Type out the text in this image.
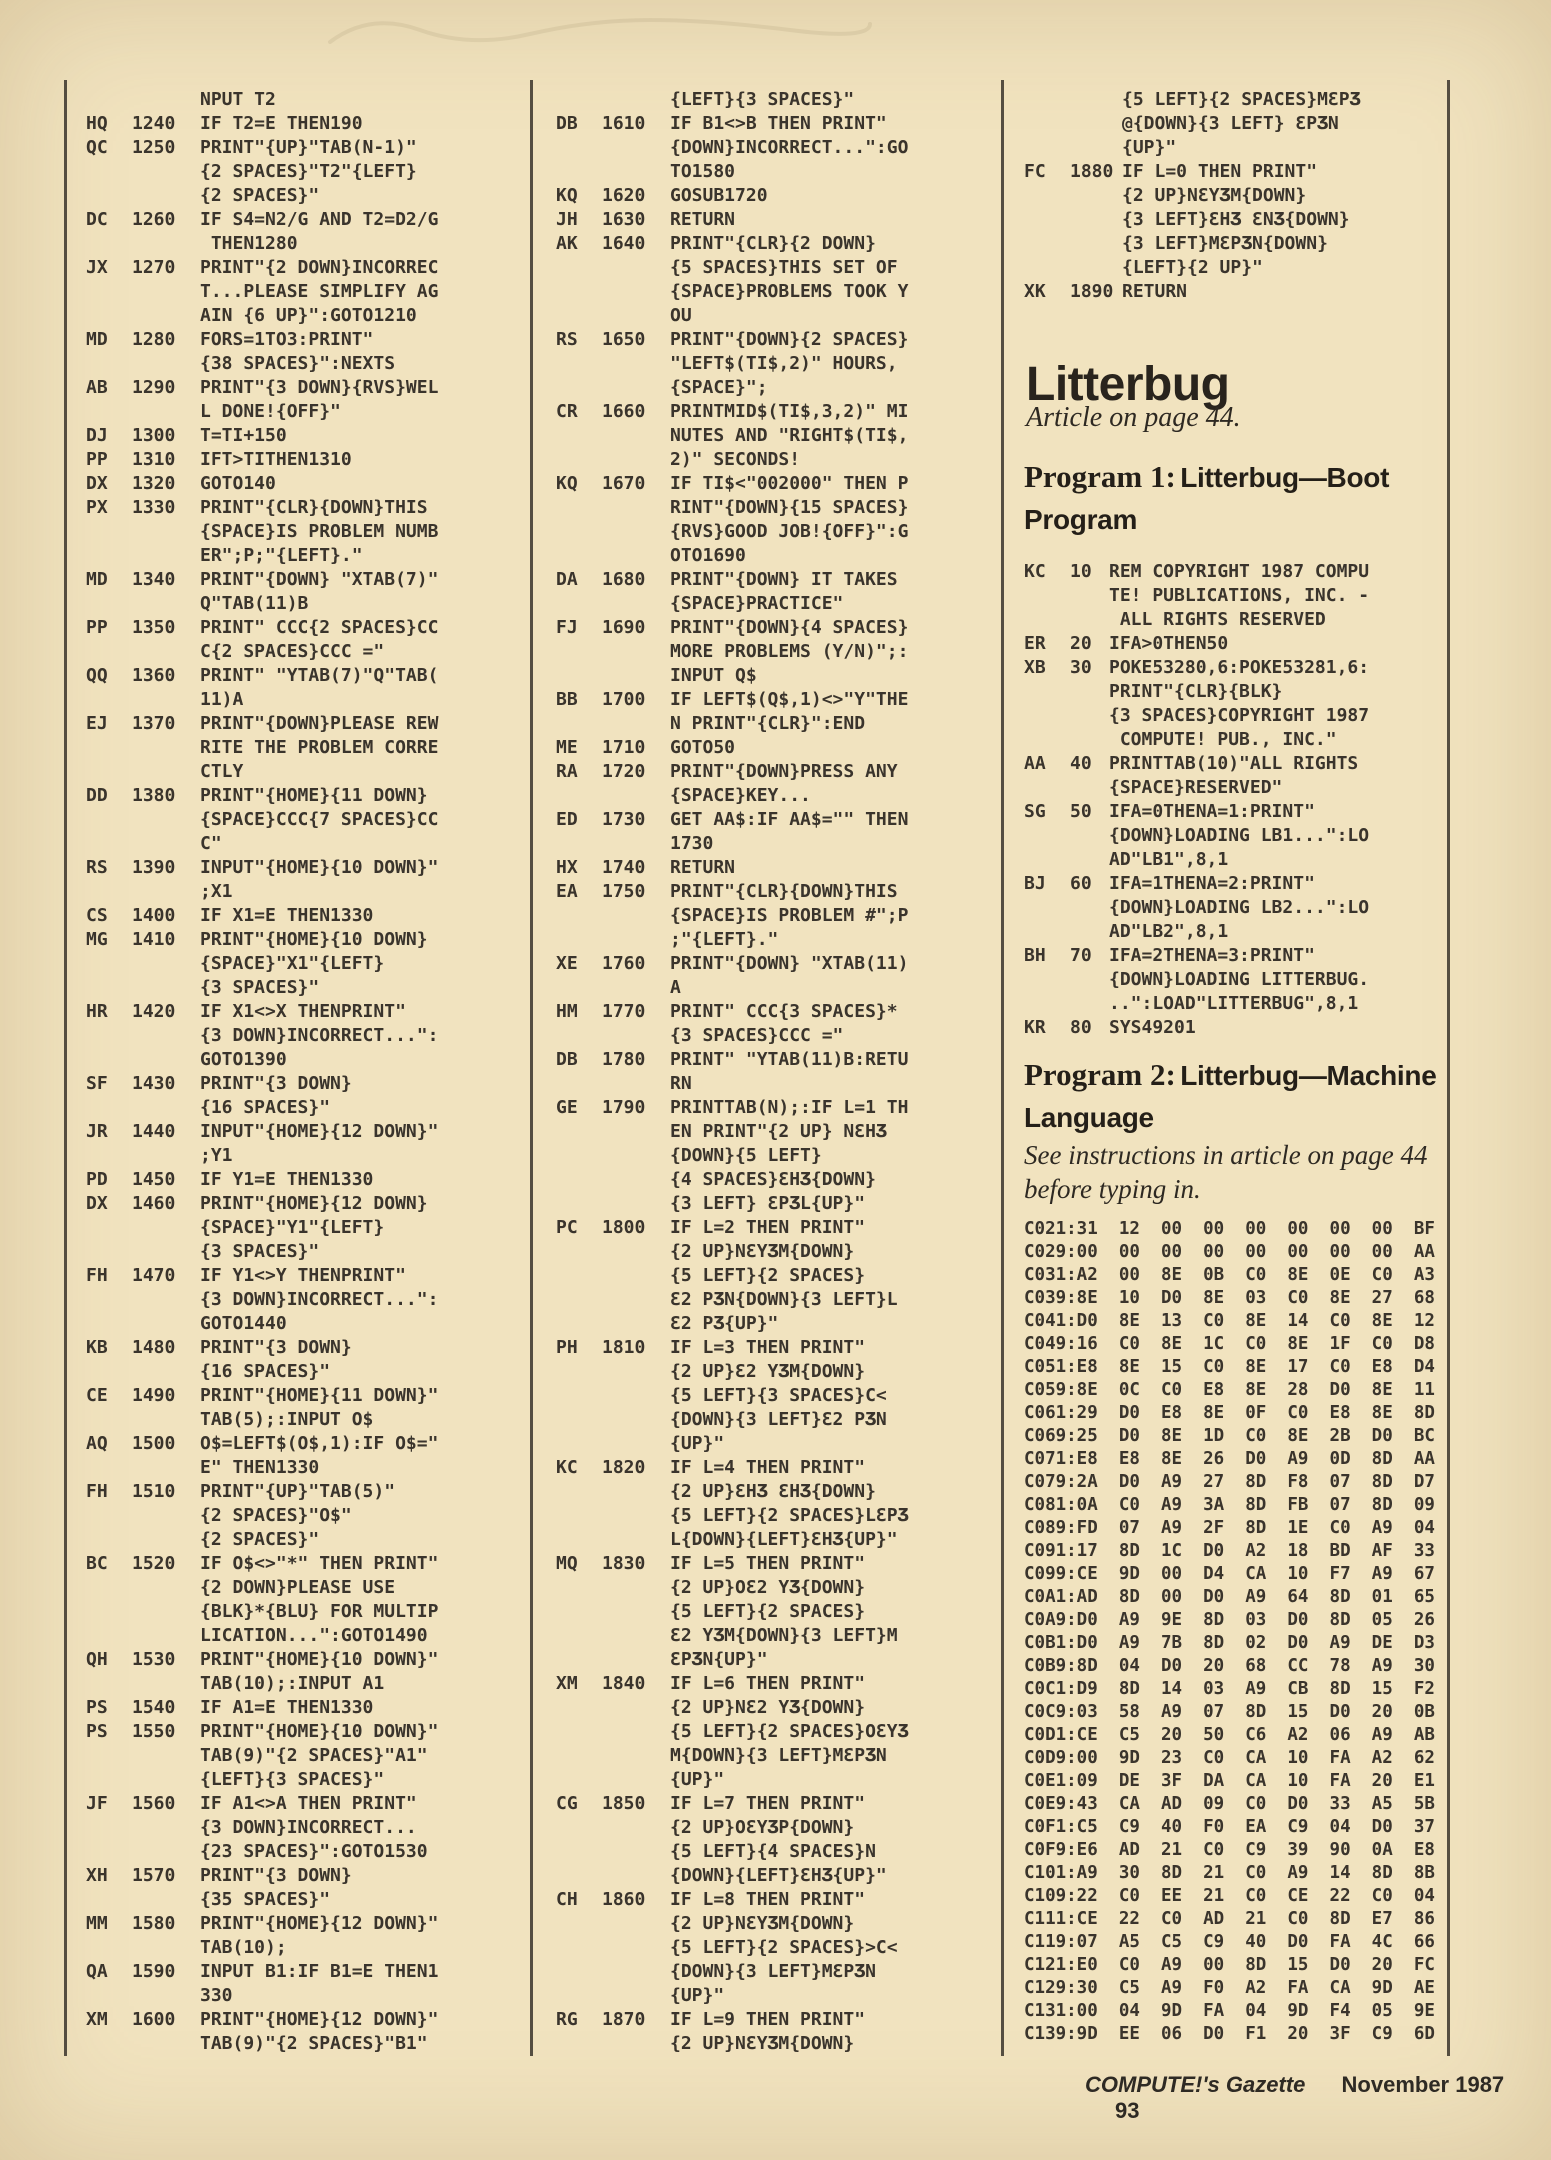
NPUT T2
HQ 1240 IF T2=E THEN190
QC 1250 PRINT"{UP}"TAB(N-1)"
{2 SPACES}"T2"{LEFT}
{2 SPACES}"
DC 1260 IF S4=N2/G AND T2=D2/G
THEN1280
JX 1270 PRINT"{2 DOWN}INCORREC
T...PLEASE SIMPLIFY AG
AIN {6 UP}":GOTO1210
MD 1280 FORS=1TO3:PRINT"
{38 SPACES}":NEXTS
AB 1290 PRINT"{3 DOWN}{RVS}WEL
L DONE!{OFF}"
DJ 1300 T=TI+150
PP 1310 IFT>TITHEN1310
DX 1320 GOTO140
PX 1330 PRINT"{CLR}{DOWN}THIS
{SPACE}IS PROBLEM NUMB
ER";P;"{LEFT}."
MD 1340 PRINT"{DOWN} "XTAB(7)"
Q"TAB(11)B
PP 1350 PRINT" CCC{2 SPACES}CC
C{2 SPACES}CCC ="
QQ 1360 PRINT" "YTAB(7)"Q"TAB(
11)A
EJ 1370 PRINT"{DOWN}PLEASE REW
RITE THE PROBLEM CORRE
CTLY
DD 1380 PRINT"{HOME}{11 DOWN}
{SPACE}CCC{7 SPACES}CC
C"
RS 1390 INPUT"{HOME}{10 DOWN}"
;X1
CS 1400 IF X1=E THEN1330
MG 1410 PRINT"{HOME}{10 DOWN}
{SPACE}"X1"{LEFT}
{3 SPACES}"
HR 1420 IF X1<>X THENPRINT"
{3 DOWN}INCORRECT...":
GOTO1390
SF 1430 PRINT"{3 DOWN}
{16 SPACES}"
JR 1440 INPUT"{HOME}{12 DOWN}"
;Y1
PD 1450 IF Y1=E THEN1330
DX 1460 PRINT"{HOME}{12 DOWN}
{SPACE}"Y1"{LEFT}
{3 SPACES}"
FH 1470 IF Y1<>Y THENPRINT"
{3 DOWN}INCORRECT...":
GOTO1440
KB 1480 PRINT"{3 DOWN}
{16 SPACES}"
CE 1490 PRINT"{HOME}{11 DOWN}"
TAB(5);:INPUT O$
AQ 1500 O$=LEFT$(O$,1):IF O$="
E" THEN1330
FH 1510 PRINT"{UP}"TAB(5)"
{2 SPACES}"O$"
{2 SPACES}"
BC 1520 IF O$<>"*" THEN PRINT"
{2 DOWN}PLEASE USE
{BLK}*{BLU} FOR MULTIP
LICATION...":GOTO1490
QH 1530 PRINT"{HOME}{10 DOWN}"
TAB(10);:INPUT A1
PS 1540 IF A1=E THEN1330
PS 1550 PRINT"{HOME}{10 DOWN}"
TAB(9)"{2 SPACES}"A1"
{LEFT}{3 SPACES}"
JF 1560 IF A1<>A THEN PRINT"
{3 DOWN}INCORRECT...
{23 SPACES}":GOTO1530
XH 1570 PRINT"{3 DOWN}
{35 SPACES}"
MM 1580 PRINT"{HOME}{12 DOWN}"
TAB(10);
QA 1590 INPUT B1:IF B1=E THEN1
330
XM 1600 PRINT"{HOME}{12 DOWN}"
TAB(9)"{2 SPACES}"B1"
{LEFT}{3 SPACES}"
DB 1610 IF B1<>B THEN PRINT"
{DOWN}INCORRECT...":GO
TO1580
KQ 1620 GOSUB1720
JH 1630 RETURN
AK 1640 PRINT"{CLR}{2 DOWN}
{5 SPACES}THIS SET OF
{SPACE}PROBLEMS TOOK Y
OU
RS 1650 PRINT"{DOWN}{2 SPACES}
"LEFT$(TI$,2)" HOURS,
{SPACE}";
CR 1660 PRINTMID$(TI$,3,2)" MI
NUTES AND "RIGHT$(TI$,
2)" SECONDS!
KQ 1670 IF TI$<"002000" THEN P
RINT"{DOWN}{15 SPACES}
{RVS}GOOD JOB!{OFF}":G
OTO1690
DA 1680 PRINT"{DOWN} IT TAKES
{SPACE}PRACTICE"
FJ 1690 PRINT"{DOWN}{4 SPACES}
MORE PROBLEMS (Y/N)";:
INPUT Q$
BB 1700 IF LEFT$(Q$,1)<>"Y"THE
N PRINT"{CLR}":END
ME 1710 GOTO50
RA 1720 PRINT"{DOWN}PRESS ANY
{SPACE}KEY...
ED 1730 GET AA$:IF AA$="" THEN
1730
HX 1740 RETURN
EA 1750 PRINT"{CLR}{DOWN}THIS
{SPACE}IS PROBLEM #";P
;"{LEFT}."
XE 1760 PRINT"{DOWN} "XTAB(11)
A
HM 1770 PRINT" CCC{3 SPACES}*
{3 SPACES}CCC ="
DB 1780 PRINT" "YTAB(11)B:RETU
RN
GE 1790 PRINTTAB(N);:IF L=1 TH
EN PRINT"{2 UP} NƐHƷ
{DOWN}{5 LEFT}
{4 SPACES}ƐHƷ{DOWN}
{3 LEFT} ƐPƷL{UP}"
PC 1800 IF L=2 THEN PRINT"
{2 UP}NƐYƷM{DOWN}
{5 LEFT}{2 SPACES}
Ɛ2 PƷN{DOWN}{3 LEFT}L
Ɛ2 PƷ{UP}"
PH 1810 IF L=3 THEN PRINT"
{2 UP}Ɛ2 YƷM{DOWN}
{5 LEFT}{3 SPACES}C<
{DOWN}{3 LEFT}Ɛ2 PƷN
{UP}"
KC 1820 IF L=4 THEN PRINT"
{2 UP}ƐHƷ ƐHƷ{DOWN}
{5 LEFT}{2 SPACES}LƐPƷ
L{DOWN}{LEFT}ƐHƷ{UP}"
MQ 1830 IF L=5 THEN PRINT"
{2 UP}OƐ2 YƷ{DOWN}
{5 LEFT}{2 SPACES}
Ɛ2 YƷM{DOWN}{3 LEFT}M
ƐPƷN{UP}"
XM 1840 IF L=6 THEN PRINT"
{2 UP}NƐ2 YƷ{DOWN}
{5 LEFT}{2 SPACES}OƐYƷ
M{DOWN}{3 LEFT}MƐPƷN
{UP}"
CG 1850 IF L=7 THEN PRINT"
{2 UP}OƐYƷP{DOWN}
{5 LEFT}{4 SPACES}N
{DOWN}{LEFT}ƐHƷ{UP}"
CH 1860 IF L=8 THEN PRINT"
{2 UP}NƐYƷM{DOWN}
{5 LEFT}{2 SPACES}>C<
{DOWN}{3 LEFT}MƐPƷN
{UP}"
RG 1870 IF L=9 THEN PRINT"
{2 UP}NƐYƷM{DOWN}
{5 LEFT}{2 SPACES}MƐPƷ
@{DOWN}{3 LEFT} ƐPƷN
{UP}"
FC 1880 IF L=0 THEN PRINT"
{2 UP}NƐYƷM{DOWN}
{3 LEFT}ƐHƷ ƐNƷ{DOWN}
{3 LEFT}MƐPƷN{DOWN}
{LEFT}{2 UP}"
XK 1890 RETURN
Litterbug
Article on page 44.
Program 1: Litterbug—Boot Program
KC 10 REM COPYRIGHT 1987 COMPU
TE! PUBLICATIONS, INC. -
ALL RIGHTS RESERVED
ER 20 IFA>0THEN50
XB 30 POKE53280,6:POKE53281,6:
PRINT"{CLR}{BLK}
{3 SPACES}COPYRIGHT 1987
COMPUTE! PUB., INC."
AA 40 PRINTTAB(10)"ALL RIGHTS
{SPACE}RESERVED"
SG 50 IFA=0THENA=1:PRINT"
{DOWN}LOADING LB1...":LO
AD"LB1",8,1
BJ 60 IFA=1THENA=2:PRINT"
{DOWN}LOADING LB2...":LO
AD"LB2",8,1
BH 70 IFA=2THENA=3:PRINT"
{DOWN}LOADING LITTERBUG.
..":LOAD"LITTERBUG",8,1
KR 80 SYS49201
Program 2: Litterbug—Machine Language
See instructions in article on page 44 before typing in.
C021:31  12  00  00  00  00  00  00  BF
C029:00  00  00  00  00  00  00  00  AA
C031:A2  00  8E  0B  C0  8E  0E  C0  A3
C039:8E  10  D0  8E  03  C0  8E  27  68
C041:D0  8E  13  C0  8E  14  C0  8E  12
C049:16  C0  8E  1C  C0  8E  1F  C0  D8
C051:E8  8E  15  C0  8E  17  C0  E8  D4
C059:8E  0C  C0  E8  8E  28  D0  8E  11
C061:29  D0  E8  8E  0F  C0  E8  8E  8D
C069:25  D0  8E  1D  C0  8E  2B  D0  BC
C071:E8  E8  8E  26  D0  A9  0D  8D  AA
C079:2A  D0  A9  27  8D  F8  07  8D  D7
C081:0A  C0  A9  3A  8D  FB  07  8D  09
C089:FD  07  A9  2F  8D  1E  C0  A9  04
C091:17  8D  1C  D0  A2  18  BD  AF  33
C099:CE  9D  00  D4  CA  10  F7  A9  67
C0A1:AD  8D  00  D0  A9  64  8D  01  65
C0A9:D0  A9  9E  8D  03  D0  8D  05  26
C0B1:D0  A9  7B  8D  02  D0  A9  DE  D3
C0B9:8D  04  D0  20  68  CC  78  A9  30
C0C1:D9  8D  14  03  A9  CB  8D  15  F2
C0C9:03  58  A9  07  8D  15  D0  20  0B
C0D1:CE  C5  20  50  C6  A2  06  A9  AB
C0D9:00  9D  23  C0  CA  10  FA  A2  62
C0E1:09  DE  3F  DA  CA  10  FA  20  E1
C0E9:43  CA  AD  09  C0  D0  33  A5  5B
C0F1:C5  C9  40  F0  EA  C9  04  D0  37
C0F9:E6  AD  21  C0  C9  39  90  0A  E8
C101:A9  30  8D  21  C0  A9  14  8D  8B
C109:22  C0  EE  21  C0  CE  22  C0  04
C111:CE  22  C0  AD  21  C0  8D  E7  86
C119:07  A5  C5  C9  40  D0  FA  4C  66
C121:E0  C0  A9  00  8D  15  D0  20  FC
C129:30  C5  A9  F0  A2  FA  CA  9D  AE
C131:00  04  9D  FA  04  9D  F4  05  9E
C139:9D  EE  06  D0  F1  20  3F  C9  6D
COMPUTE!'s Gazette November 1987 93
